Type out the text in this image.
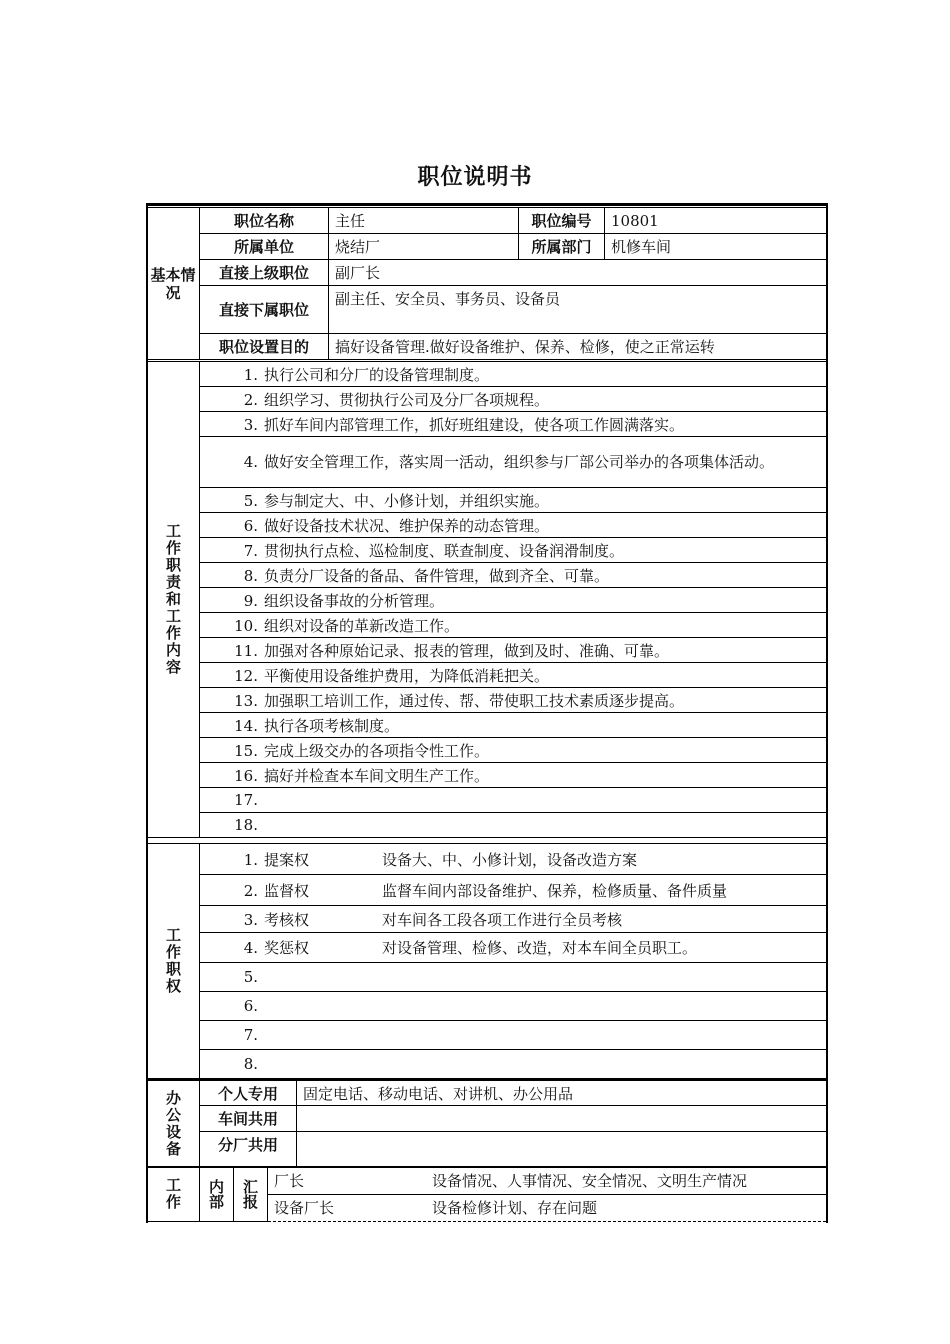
职位说明书
基本情况	职位名称	主任	职位编号	10801
	所属单位	烧结厂	所属部门	机修车间
	直接上级职位	副厂长		
	直接下属职位	副主任、安全员、事务员、设备员		
	职位设置目的	搞好设备管理.做好设备维护、保养、检修，使之正常运转		
工作职责和工作内容	1. 执行公司和分厂的设备管理制度。
2. 组织学习、贯彻执行公司及分厂各项规程。
3. 抓好车间内部管理工作，抓好班组建设，使各项工作圆满落实。
4. 做好安全管理工作，落实周一活动，组织参与厂部公司举办的各项集体活动。
5. 参与制定大、中、小修计划，并组织实施。
6. 做好设备技术状况、维护保养的动态管理。
7. 贯彻执行点检、巡检制度、联查制度、设备润滑制度。
8. 负责分厂设备的备品、备件管理，做到齐全、可靠。
9. 组织设备事故的分析管理。
10. 组织对设备的革新改造工作。
11. 加强对各种原始记录、报表的管理，做到及时、准确、可靠。
12. 平衡使用设备维护费用，为降低消耗把关。
13. 加强职工培训工作，通过传、帮、带使职工技术素质逐步提高。
14. 执行各项考核制度。
15. 完成上级交办的各项指令性工作。
16. 搞好并检查本车间文明生产工作。
17.
18.
工作职权	1. 提案权	设备大、中、小修计划，设备改造方案
2. 监督权	监督车间内部设备维护、保养，检修质量、备件质量
3. 考核权	对车间各工段各项工作进行全员考核
4. 奖惩权	对设备管理、检修、改造，对本车间全员职工。
5.
6.
7.
8.
办公设备	个人专用	固定电话、移动电话、对讲机、办公用品
	车间共用	
	分厂共用	
工作	内部	汇报	厂长	设备情况、人事情况、安全情况、文明生产情况
设备厂长	设备检修计划、存在问题
